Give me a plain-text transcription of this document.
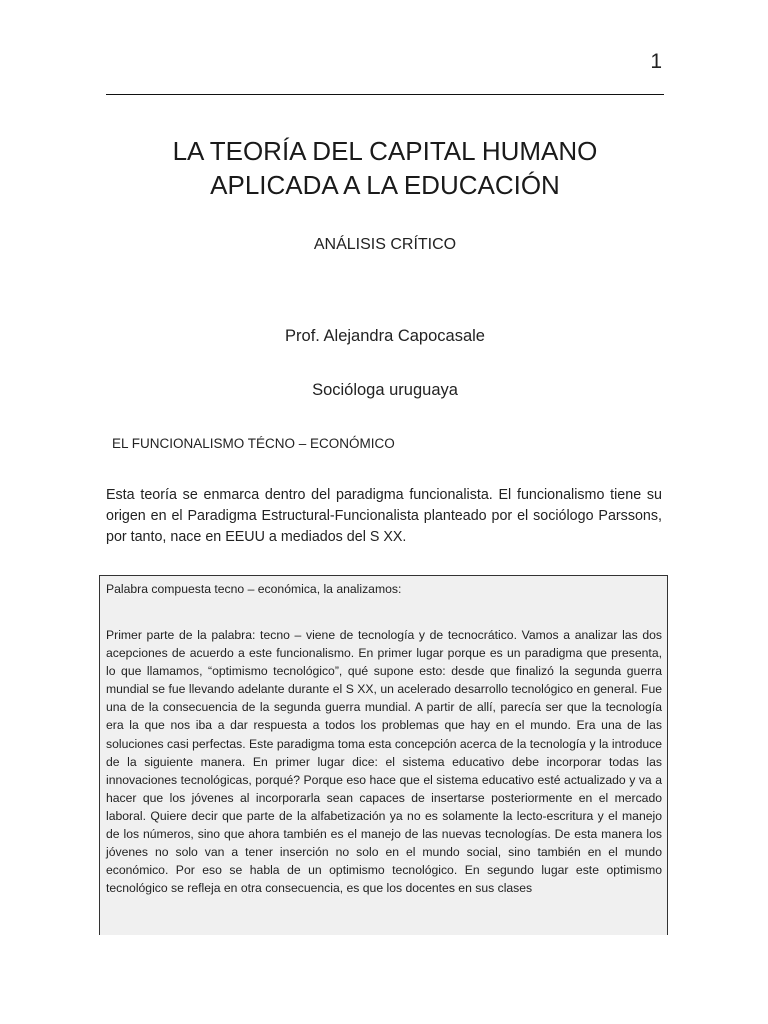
1
LA TEORÍA DEL CAPITAL HUMANO APLICADA A LA EDUCACIÓN
ANÁLISIS CRÍTICO
Prof. Alejandra Capocasale
Socióloga uruguaya
EL FUNCIONALISMO TÉCNO – ECONÓMICO

Esta teoría se enmarca dentro del paradigma funcionalista. El funcionalismo tiene su origen en el Paradigma Estructural-Funcionalista planteado por el sociólogo Parssons, por tanto, nace en EEUU a mediados del S XX.

Palabra compuesta tecno – económica, la analizamos:

Primer parte de la palabra: tecno – viene de tecnología y de tecnocrático. Vamos a analizar las dos acepciones de acuerdo a este funcionalismo. En primer lugar porque es un paradigma que presenta, lo que llamamos, “optimismo tecnológico”, qué supone esto: desde que finalizó la segunda guerra mundial se fue llevando adelante durante el S XX, un acelerado desarrollo tecnológico en general. Fue una de la consecuencia de la segunda guerra mundial. A partir de allí, parecía ser que la tecnología era la que nos iba a dar respuesta a todos los problemas que hay en el mundo. Era una de las soluciones casi perfectas. Este paradigma toma esta concepción acerca de la tecnología y la introduce de la siguiente manera. En primer lugar dice: el sistema educativo debe incorporar todas las innovaciones tecnológicas, porqué? Porque eso hace que el sistema educativo esté actualizado y va a hacer que los jóvenes al incorporarla sean capaces de insertarse posteriormente en el mercado laboral. Quiere decir que parte de la alfabetización ya no es solamente la lecto-escritura y el manejo de los números, sino que ahora también es el manejo de las nuevas tecnologías. De esta manera los jóvenes no solo van a tener inserción no solo en el mundo social, sino también en el mundo económico. Por eso se habla de un optimismo tecnológico. En segundo lugar este optimismo tecnológico se refleja en otra consecuencia, es que los docentes en sus clases
